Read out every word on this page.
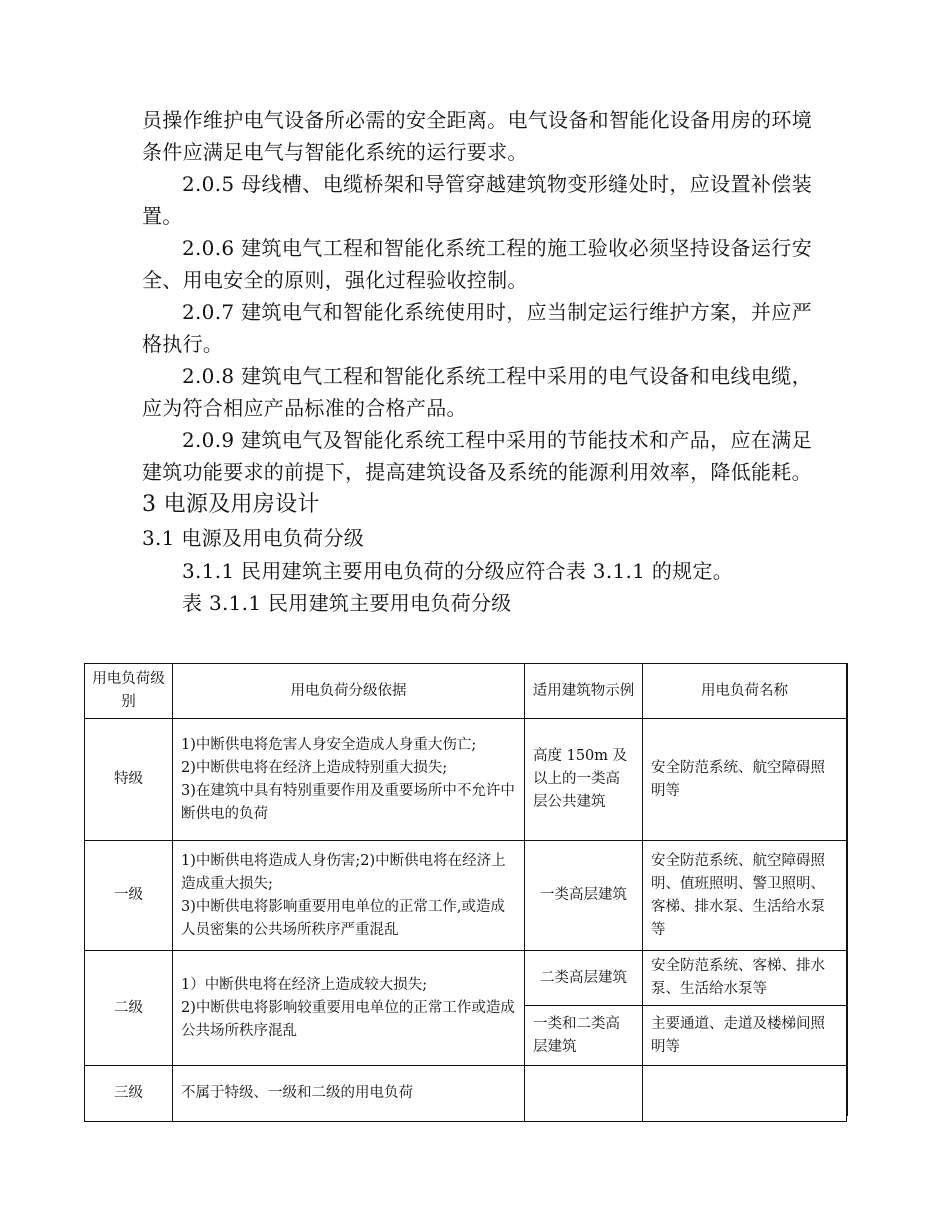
员操作维护电气设备所必需的安全距离。电气设备和智能化设备用房的环境条件应满足电气与智能化系统的运行要求。

2.0.5 母线槽、电缆桥架和导管穿越建筑物变形缝处时，应设置补偿装置。

2.0.6 建筑电气工程和智能化系统工程的施工验收必须坚持设备运行安全、用电安全的原则，强化过程验收控制。

2.0.7 建筑电气和智能化系统使用时，应当制定运行维护方案，并应严格执行。

2.0.8 建筑电气工程和智能化系统工程中采用的电气设备和电线电缆，应为符合相应产品标准的合格产品。

2.0.9 建筑电气及智能化系统工程中采用的节能技术和产品，应在满足建筑功能要求的前提下，提高建筑设备及系统的能源利用效率，降低能耗。

3 电源及用房设计

3.1 电源及用电负荷分级

3.1.1 民用建筑主要用电负荷的分级应符合表 3.1.1 的规定。

表 3.1.1 民用建筑主要用电负荷分级

用电负荷级别	用电负荷分级依据	适用建筑物示例	用电负荷名称
特级	1)中断供电将危害人身安全造成人身重大伤亡;
2)中断供电将在经济上造成特别重大损失;
3)在建筑中具有特别重要作用及重要场所中不允许中断供电的负荷	高度 150m 及以上的一类高层公共建筑	安全防范系统、航空障碍照明等
一级	1)中断供电将造成人身伤害;2)中断供电将在经济上造成重大损失;
3)中断供电将影响重要用电单位的正常工作,或造成人员密集的公共场所秩序严重混乱	一类高层建筑	安全防范系统、航空障碍照明、值班照明、警卫照明、客梯、排水泵、生活给水泵等
二级	1）中断供电将在经济上造成较大损失;
2)中断供电将影响较重要用电单位的正常工作或造成公共场所秩序混乱	二类高层建筑	安全防范系统、客梯、排水泵、生活给水泵等
		一类和二类高层建筑	主要通道、走道及楼梯间照明等
三级	不属于特级、一级和二级的用电负荷		
